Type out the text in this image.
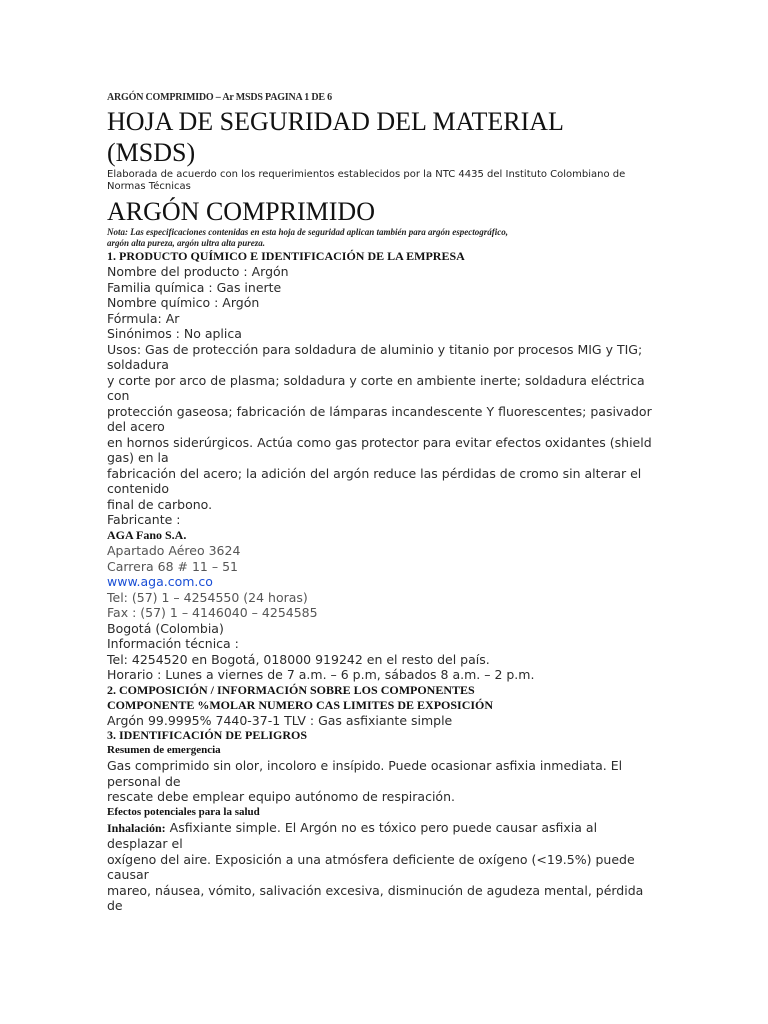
ARGÓN COMPRIMIDO – Ar MSDS PAGINA 1 DE 6

HOJA DE SEGURIDAD DEL MATERIAL
(MSDS)

Elaborada de acuerdo con los requerimientos establecidos por la NTC 4435 del Instituto Colombiano de
Normas Técnicas

ARGÓN COMPRIMIDO

Nota: Las especificaciones contenidas en esta hoja de seguridad aplican también para argón espectográfico,
argón alta pureza, argón ultra alta pureza.

1. PRODUCTO QUÍMICO E IDENTIFICACIÓN DE LA EMPRESA

Nombre del producto : Argón

Familia química : Gas inerte

Nombre químico : Argón

Fórmula: Ar

Sinónimos : No aplica

Usos: Gas de protección para soldadura de aluminio y titanio por procesos MIG y TIG;

soldadura

y corte por arco de plasma; soldadura y corte en ambiente inerte; soldadura eléctrica

con

protección gaseosa; fabricación de lámparas incandescente Y fluorescentes; pasivador

del acero

en hornos siderúrgicos. Actúa como gas protector para evitar efectos oxidantes (shield

gas) en la

fabricación del acero; la adición del argón reduce las pérdidas de cromo sin alterar el

contenido

final de carbono.

Fabricante :

AGA Fano S.A.

Apartado Aéreo 3624

Carrera 68 # 11 – 51

www.aga.com.co

Tel: (57) 1 – 4254550 (24 horas)

Fax : (57) 1 – 4146040 – 4254585

Bogotá (Colombia)

Información técnica :

Tel: 4254520 en Bogotá, 018000 919242 en el resto del país.

Horario : Lunes a viernes de 7 a.m. – 6 p.m, sábados 8 a.m. – 2 p.m.

2. COMPOSICIÓN / INFORMACIÓN SOBRE LOS COMPONENTES

COMPONENTE %MOLAR NUMERO CAS LIMITES DE EXPOSICIÓN

Argón 99.9995% 7440-37-1 TLV : Gas asfixiante simple

3. IDENTIFICACIÓN DE PELIGROS

Resumen de emergencia

Gas comprimido sin olor, incoloro e insípido. Puede ocasionar asfixia inmediata. El

personal de

rescate debe emplear equipo autónomo de respiración.

Efectos potenciales para la salud

Inhalación: Asfixiante simple. El Argón no es tóxico pero puede causar asfixia al

desplazar el

oxígeno del aire. Exposición a una atmósfera deficiente de oxígeno (<19.5%) puede

causar

mareo, náusea, vómito, salivación excesiva, disminución de agudeza mental, pérdida

de
